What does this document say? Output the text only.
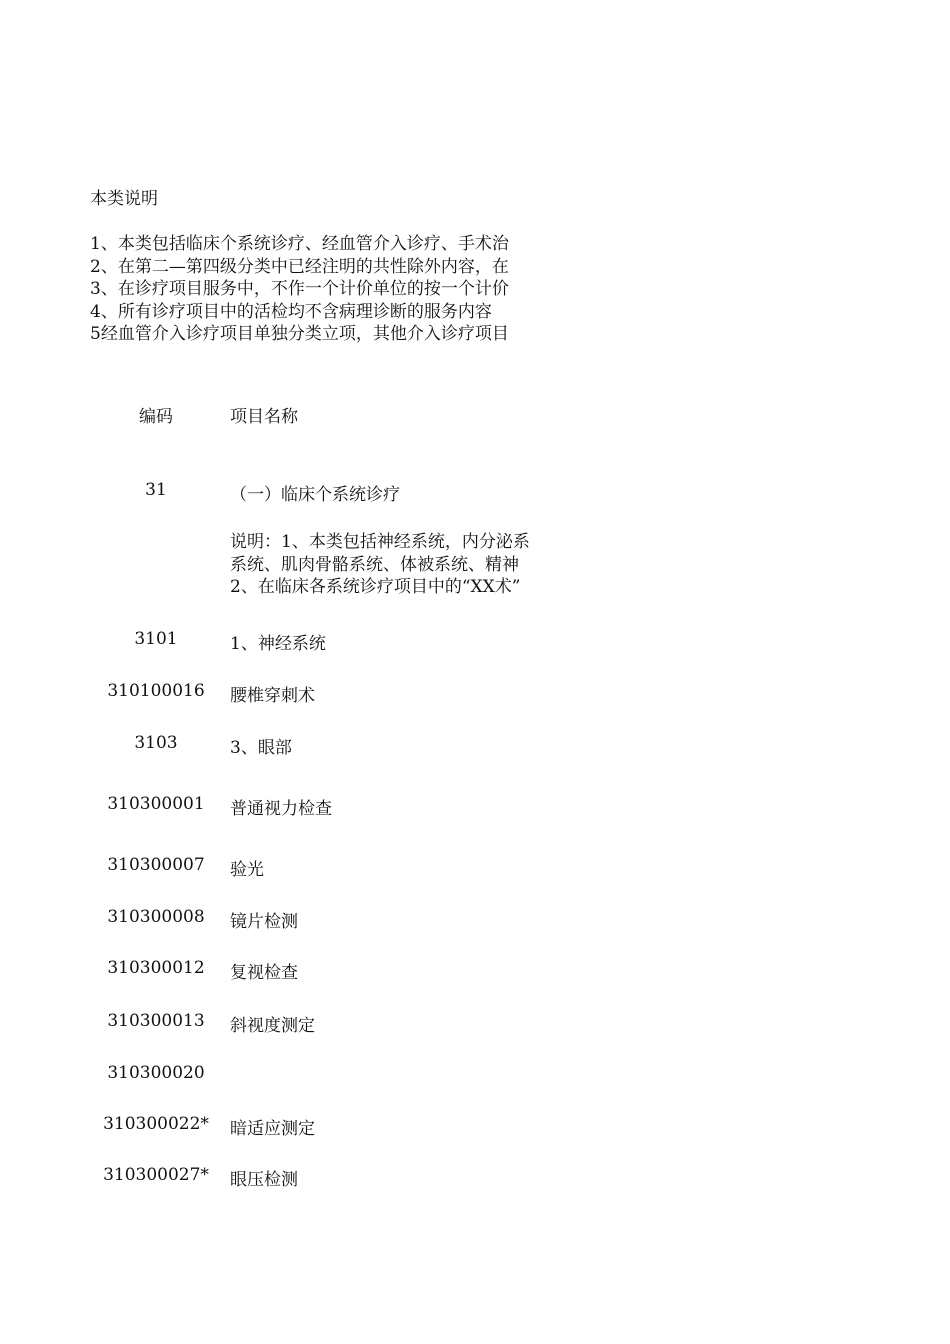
本类说明
1、本类包括临床个系统诊疗、经血管介入诊疗、手术治
2、在第二—第四级分类中已经注明的共性除外内容，在
3、在诊疗项目服务中，不作一个计价单位的按一个计价
4、所有诊疗项目中的活检均不含病理诊断的服务内容
5经血管介入诊疗项目单独分类立项，其他介入诊疗项目
编码	项目名称
31	（一）临床个系统诊疗
说明：1、本类包括神经系统，内分泌系
系统、肌肉骨骼系统、体被系统、精神
2、在临床各系统诊疗项目中的“XX术”
3101	1、神经系统
310100016	腰椎穿刺术
3103	3、眼部
310300001	普通视力检查
310300007	验光
310300008	镜片检测
310300012	复视检查
310300013	斜视度测定
310300020
310300022* 暗适应测定
310300027* 眼压检测
